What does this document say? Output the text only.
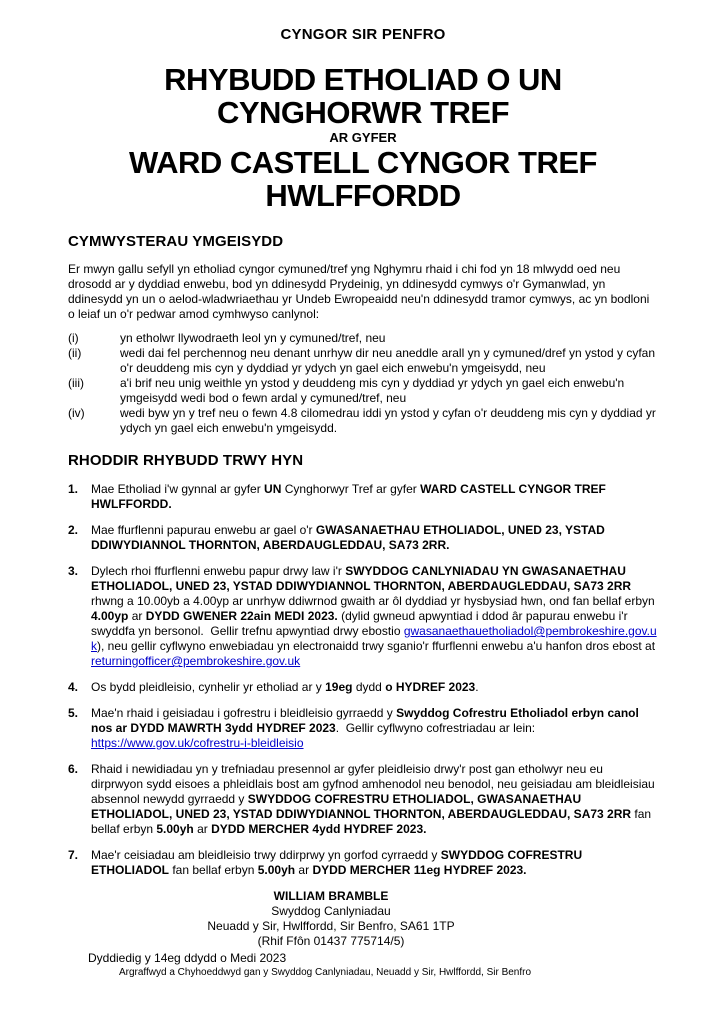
CYNGOR SIR PENFRO
RHYBUDD ETHOLIAD O UN
CYNGHORWR TREF
AR GYFER
WARD CASTELL CYNGOR TREF
HWLFFORDD
CYMWYSTERAU YMGEISYDD

Er mwyn gallu sefyll yn etholiad cyngor cymuned/tref yng Nghymru rhaid i chi fod yn 18 mlwydd oed neu drosodd ar y dyddiad enwebu, bod yn ddinesydd Prydeinig, yn ddinesydd cymwys o'r Gymanwlad, yn ddinesydd yn un o aelod-wladwriaethau yr Undeb Ewropeaidd neu'n ddinesydd tramor cymwys, ac yn bodloni o leiaf un o'r pedwar amod cymhwyso canlynol:

(i)	yn etholwr llywodraeth leol yn y cymuned/tref, neu
(ii)	wedi dai fel perchennog neu denant unrhyw dir neu aneddle arall yn y cymuned/dref yn ystod y cyfan o'r deuddeng mis cyn y dyddiad yr ydych yn gael eich enwebu'n ymgeisydd, neu
(iii)	a'i brif neu unig weithle yn ystod y deuddeng mis cyn y dyddiad yr ydych yn gael eich enwebu'n ymgeisydd wedi bod o fewn ardal y cymuned/tref, neu
(iv)	wedi byw yn y tref neu o fewn 4.8 cilomedrau iddi yn ystod y cyfan o'r deuddeng mis cyn y dyddiad yr ydych yn gael eich enwebu'n ymgeisydd.
RHODDIR RHYBUDD TRWY HYN
1.	Mae Etholiad i'w gynnal ar gyfer UN Cynghorwyr Tref ar gyfer WARD CASTELL CYNGOR TREF HWLFFORDD.
2.	Mae ffurflenni papurau enwebu ar gael o'r GWASANAETHAU ETHOLIADOL, UNED 23, YSTAD DDIWYDIANNOL THORNTON, ABERDAUGLEDDAU, SA73 2RR.
3.	Dylech rhoi ffurflenni enwebu papur drwy law i'r SWYDDOG CANLYNIADAU YN GWASANAETHAU ETHOLIADOL, UNED 23, YSTAD DDIWYDIANNOL THORNTON, ABERDAUGLEDDAU, SA73 2RR rhwng a 10.00yb a 4.00yp ar unrhyw ddiwrnod gwaith ar ôl dyddiad yr hysbysiad hwn, ond fan bellaf erbyn 4.00yp ar DYDD GWENER 22ain MEDI 2023. (dylid gwneud apwyntiad i ddod âr papurau enwebu i'r swyddfa yn bersonol.  Gellir trefnu apwyntiad drwy ebostio gwasanaethauetholiadol@pembrokeshire.gov.uk), neu gellir cyflwyno enwebiadau yn electronaidd trwy sganio'r ffurflenni enwebu a'u hanfon dros ebost at returningofficer@pembrokeshire.gov.uk
4.	Os bydd pleidleisio, cynhelir yr etholiad ar y 19eg dydd o HYDREF 2023.
5.	Mae'n rhaid i geisiadau i gofrestru i bleidleisio gyrraedd y Swyddog Cofrestru Etholiadol erbyn canol nos ar DYDD MAWRTH 3ydd HYDREF 2023.  Gellir cyflwyno cofrestriadau ar lein:
https://www.gov.uk/cofrestru-i-bleidleisio
6.	Rhaid i newidiadau yn y trefniadau presennol ar gyfer pleidleisio drwy'r post gan etholwyr neu eu dirprwyon sydd eisoes a phleidlais bost am gyfnod amhenodol neu benodol, neu geisiadau am bleidleisiau absennol newydd gyrraedd y SWYDDOG COFRESTRU ETHOLIADOL, GWASANAETHAU ETHOLIADOL, UNED 23, YSTAD DDIWYDIANNOL THORNTON, ABERDAUGLEDDAU, SA73 2RR fan bellaf erbyn 5.00yh ar DYDD MERCHER 4ydd HYDREF 2023.
7.	Mae'r ceisiadau am bleidleisio trwy ddirprwy yn gorfod cyrraedd y SWYDDOG COFRESTRU ETHOLIADOL fan bellaf erbyn 5.00yh ar DYDD MERCHER 11eg HYDREF 2023.
WILLIAM BRAMBLE
Swyddog Canlyniadau
Neuadd y Sir, Hwlffordd, Sir Benfro, SA61 1TP
(Rhif Ffôn 01437 775714/5)
Dyddiedig y 14eg ddydd o Medi 2023
Argraffwyd a Chyhoeddwyd gan y Swyddog Canlyniadau, Neuadd y Sir, Hwlffordd, Sir Benfro
